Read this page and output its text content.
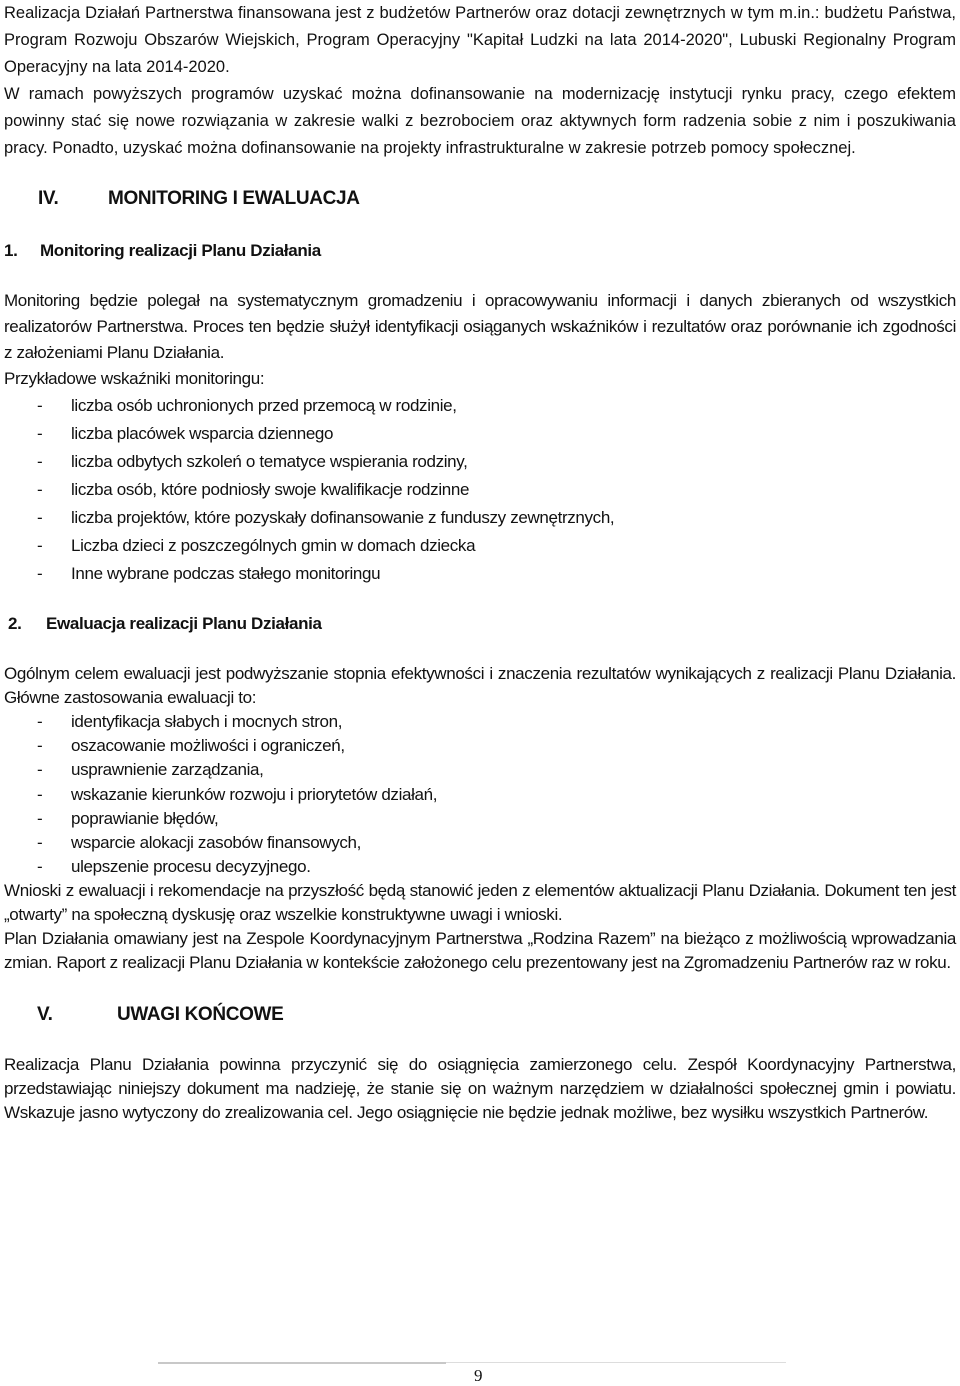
Realizacja Działań Partnerstwa finansowana jest z budżetów Partnerów oraz dotacji zewnętrznych w tym m.in.: budżetu Państwa, Program Rozwoju Obszarów Wiejskich, Program Operacyjny "Kapitał Ludzki na lata 2014-2020", Lubuski Regionalny Program Operacyjny na lata 2014-2020.

W ramach powyższych programów uzyskać można dofinansowanie na modernizację instytucji rynku pracy, czego efektem powinny stać się nowe rozwiązania w zakresie walki z bezrobociem oraz aktywnych form radzenia sobie z nim i poszukiwania pracy. Ponadto, uzyskać można dofinansowanie na projekty infrastrukturalne w zakresie potrzeb pomocy społecznej.

IV.	MONITORING I EWALUACJA
1.	Monitoring realizacji Planu Działania

Monitoring będzie polegał na systematycznym gromadzeniu i opracowywaniu informacji i danych zbieranych od wszystkich realizatorów Partnerstwa. Proces ten będzie służył identyfikacji osiąganych wskaźników i rezultatów oraz porównanie ich zgodności z założeniami Planu Działania.

Przykładowe wskaźniki monitoringu:

-	liczba osób uchronionych przed przemocą w rodzinie,
-	liczba placówek wsparcia dziennego
-	liczba odbytych szkoleń o tematyce wspierania rodziny,
-	liczba osób, które podniosły swoje kwalifikacje rodzinne
-	liczba projektów, które pozyskały dofinansowanie z funduszy zewnętrznych,
-	Liczba dzieci z poszczególnych gmin w domach dziecka
-	Inne wybrane podczas stałego monitoringu
2.	Ewaluacja realizacji Planu Działania

Ogólnym celem ewaluacji jest podwyższanie stopnia efektywności i znaczenia rezultatów wynikających z realizacji Planu Działania. Główne zastosowania ewaluacji to:

-	identyfikacja słabych i mocnych stron,
-	oszacowanie możliwości i ograniczeń,
-	usprawnienie zarządzania,
-	wskazanie kierunków rozwoju i priorytetów działań,
-	poprawianie błędów,
-	wsparcie alokacji zasobów finansowych,
-	ulepszenie procesu decyzyjnego.

Wnioski z ewaluacji i rekomendacje na przyszłość będą stanowić jeden z elementów aktualizacji Planu Działania. Dokument ten jest „otwarty” na społeczną dyskusję oraz wszelkie konstruktywne uwagi i wnioski.

Plan Działania omawiany jest na Zespole Koordynacyjnym Partnerstwa „Rodzina Razem” na bieżąco z możliwością wprowadzania zmian. Raport z realizacji Planu Działania w kontekście założonego celu prezentowany jest na Zgromadzeniu Partnerów raz w roku.

V.	UWAGI KOŃCOWE

Realizacja Planu Działania powinna przyczynić się do osiągnięcia zamierzonego celu. Zespół Koordynacyjny Partnerstwa, przedstawiając niniejszy dokument ma nadzieję, że stanie się on ważnym narzędziem w działalności społecznej gmin i powiatu. Wskazuje jasno wytyczony do zrealizowania cel. Jego osiągnięcie nie będzie jednak możliwe, bez wysiłku wszystkich Partnerów.

9
